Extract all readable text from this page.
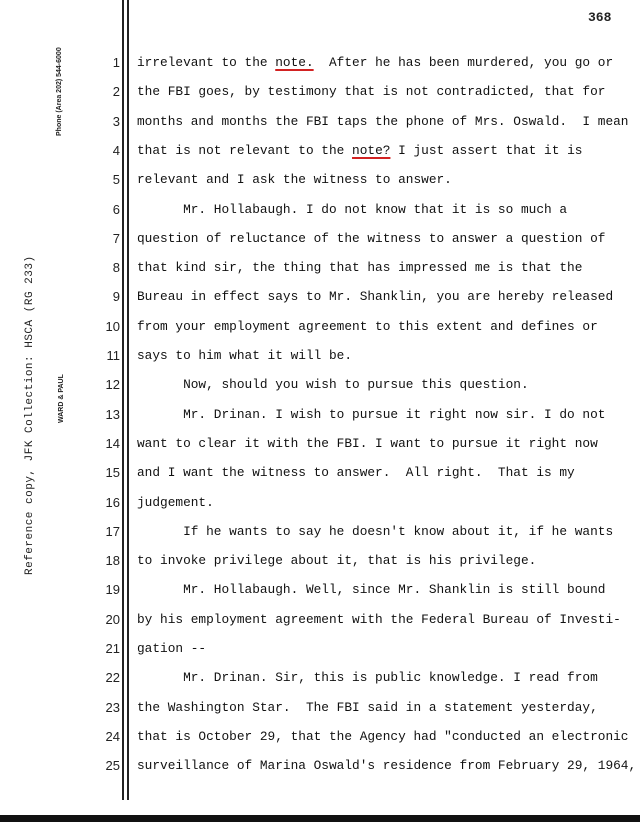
Reference copy, JFK Collection: HSCA (RG 233)
Phone (Area 202) 544-6000
WARD & PAUL
368
1 irrelevant to the note.  After he has been murdered, you go or
2 the FBI goes, by testimony that is not contradicted, that for
3 months and months the FBI taps the phone of Mrs. Oswald.  I mean
4 that is not relevant to the note? I just assert that it is
5 relevant and I ask the witness to answer.
6 Mr. Hollabaugh. I do not know that it is so much a
7 question of reluctance of the witness to answer a question of
8 that kind sir, the thing that has impressed me is that the
9 Bureau in effect says to Mr. Shanklin, you are hereby released
10 from your employment agreement to this extent and defines or
11 says to him what it will be.
12 Now, should you wish to pursue this question.
13 Mr. Drinan. I wish to pursue it right now sir. I do not
14 want to clear it with the FBI. I want to pursue it right now
15 and I want the witness to answer.  All right.  That is my
16 judgement.
17 If he wants to say he doesn't know about it, if he wants
18 to invoke privilege about it, that is his privilege.
19 Mr. Hollabaugh. Well, since Mr. Shanklin is still bound
20 by his employment agreement with the Federal Bureau of Investi-
21 gation --
22 Mr. Drinan. Sir, this is public knowledge. I read from
23 the Washington Star.  The FBI said in a statement yesterday,
24 that is October 29, that the Agency had "conducted an electronic
25 surveillance of Marina Oswald's residence from February 29, 1964,
